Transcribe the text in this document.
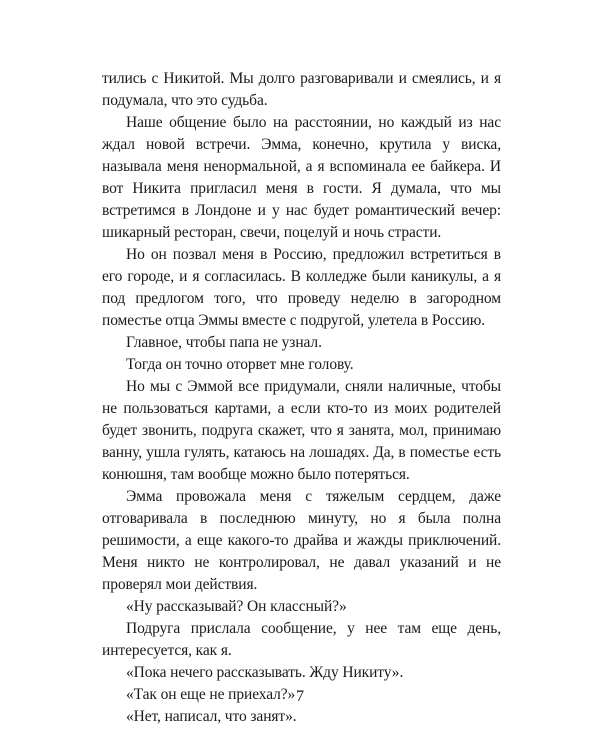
тились с Никитой. Мы долго разговаривали и смеялись, и я подумала, что это судьба.

Наше общение было на расстоянии, но каждый из нас ждал новой встречи. Эмма, конечно, крутила у виска, называла меня ненормальной, а я вспоминала ее байкера. И вот Никита пригласил меня в гости. Я думала, что мы встретимся в Лондоне и у нас будет романтический вечер: шикарный ресторан, свечи, поцелуй и ночь страсти.

Но он позвал меня в Россию, предложил встретиться в его городе, и я согласилась. В колледже были каникулы, а я под предлогом того, что проведу неделю в загородном поместье отца Эммы вместе с подругой, улетела в Россию.

Главное, чтобы папа не узнал.

Тогда он точно оторвет мне голову.

Но мы с Эммой все придумали, сняли наличные, чтобы не пользоваться картами, а если кто-то из моих родителей будет звонить, подруга скажет, что я занята, мол, принимаю ванну, ушла гулять, катаюсь на лошадях. Да, в поместье есть конюшня, там вообще можно было потеряться.

Эмма провожала меня с тяжелым сердцем, даже отговаривала в последнюю минуту, но я была полна решимости, а еще какого-то драйва и жажды приключений. Меня никто не контролировал, не давал указаний и не проверял мои действия.

«Ну рассказывай? Он классный?»

Подруга прислала сообщение, у нее там еще день, интересуется, как я.

«Пока нечего рассказывать. Жду Никиту».

«Так он еще не приехал?»

«Нет, написал, что занят».

7
